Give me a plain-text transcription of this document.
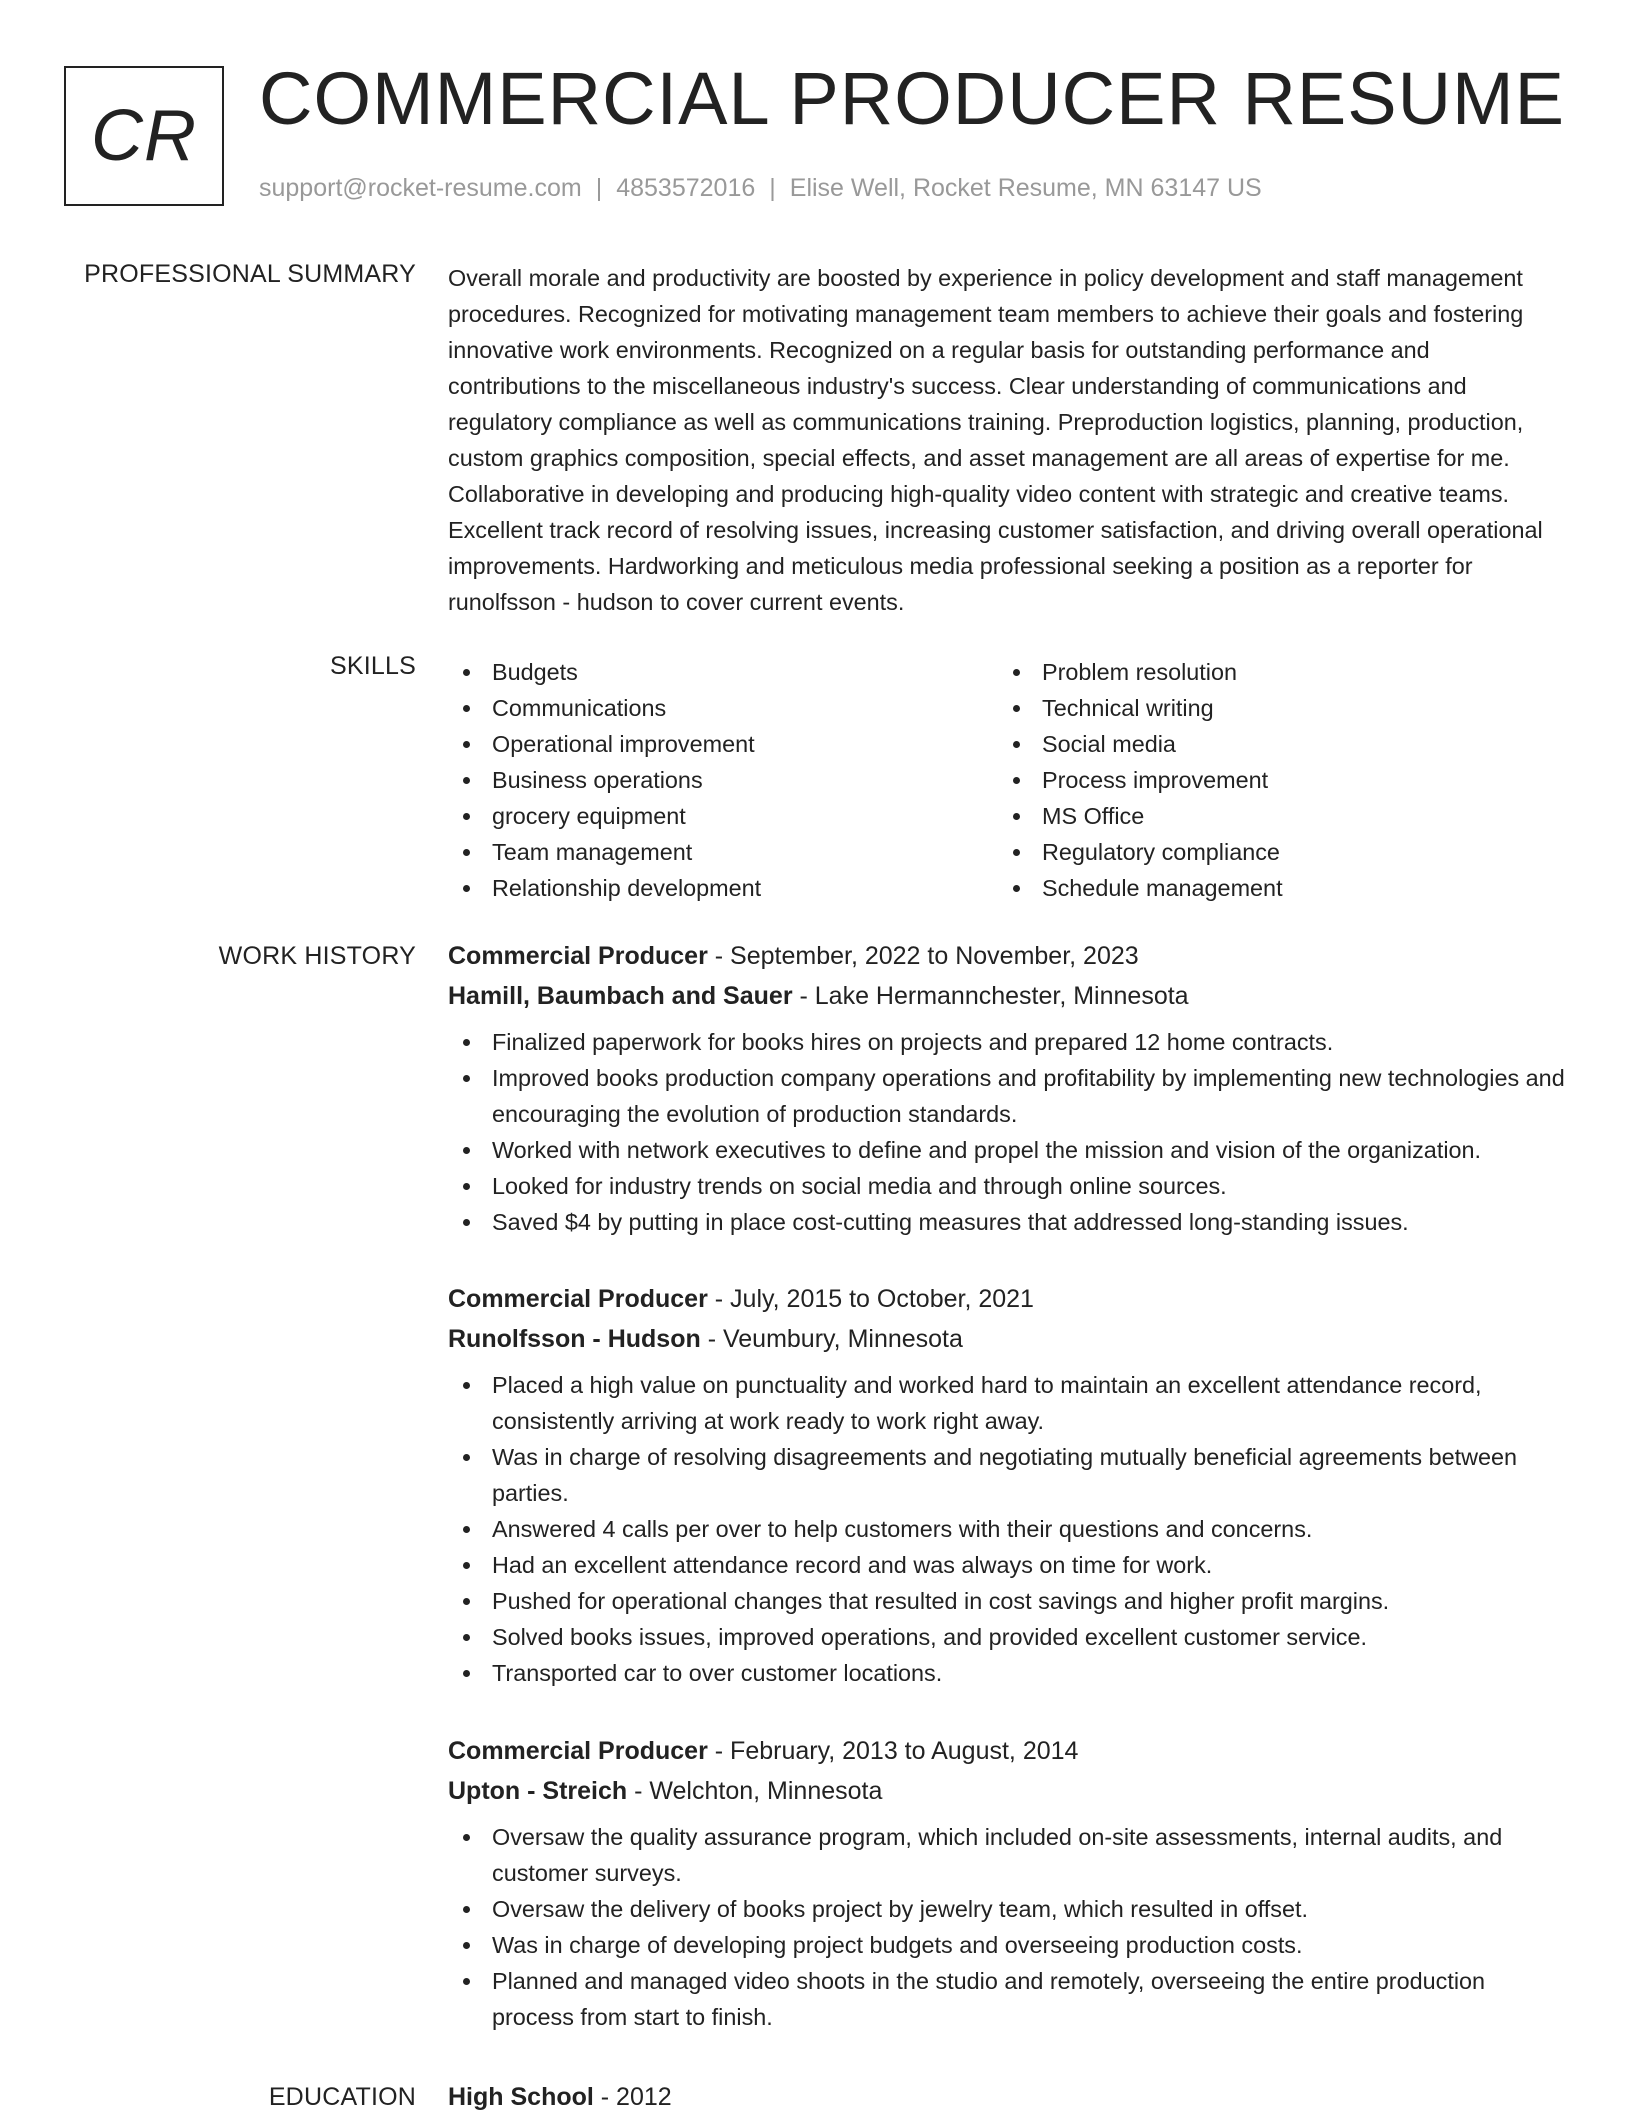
CR COMMERCIAL PRODUCER RESUME
support@rocket-resume.com | 4853572016 | Elise Well, Rocket Resume, MN 63147 US
PROFESSIONAL SUMMARY Overall morale and productivity are boosted by experience in policy development and staff management procedures. Recognized for motivating management team members to achieve their goals and fostering innovative work environments. Recognized on a regular basis for outstanding performance and contributions to the miscellaneous industry's success. Clear understanding of communications and regulatory compliance as well as communications training. Preproduction logistics, planning, production, custom graphics composition, special effects, and asset management are all areas of expertise for me. Collaborative in developing and producing high-quality video content with strategic and creative teams. Excellent track record of resolving issues, increasing customer satisfaction, and driving overall operational improvements. Hardworking and meticulous media professional seeking a position as a reporter for runolfsson - hudson to cover current events.

SKILLS	Budgets
Communications
Operational improvement
Business operations
grocery equipment
Team management
Relationship development
Problem resolution
Technical writing
Social media
Process improvement
MS Office
Regulatory compliance
Schedule management
WORK HISTORY Commercial Producer - September, 2022 to November, 2023
Hamill, Baumbach and Sauer - Lake Hermannchester, Minnesota
Finalized paperwork for books hires on projects and prepared 12 home contracts.
Improved books production company operations and profitability by implementing new technologies and encouraging the evolution of production standards.
Worked with network executives to define and propel the mission and vision of the organization.
Looked for industry trends on social media and through online sources.
Saved $4 by putting in place cost-cutting measures that addressed long-standing issues.
Commercial Producer - July, 2015 to October, 2021
Runolfsson - Hudson - Veumbury, Minnesota
Placed a high value on punctuality and worked hard to maintain an excellent attendance record, consistently arriving at work ready to work right away.
Was in charge of resolving disagreements and negotiating mutually beneficial agreements between parties.
Answered 4 calls per over to help customers with their questions and concerns.
Had an excellent attendance record and was always on time for work.
Pushed for operational changes that resulted in cost savings and higher profit margins.
Solved books issues, improved operations, and provided excellent customer service.
Transported car to over customer locations.
Commercial Producer - February, 2013 to August, 2014
Upton - Streich - Welchton, Minnesota
Oversaw the quality assurance program, which included on-site assessments, internal audits, and customer surveys.
Oversaw the delivery of books project by jewelry team, which resulted in offset.
Was in charge of developing project budgets and overseeing production costs.
Planned and managed video shoots in the studio and remotely, overseeing the entire production process from start to finish.
EDUCATION High School - 2012
